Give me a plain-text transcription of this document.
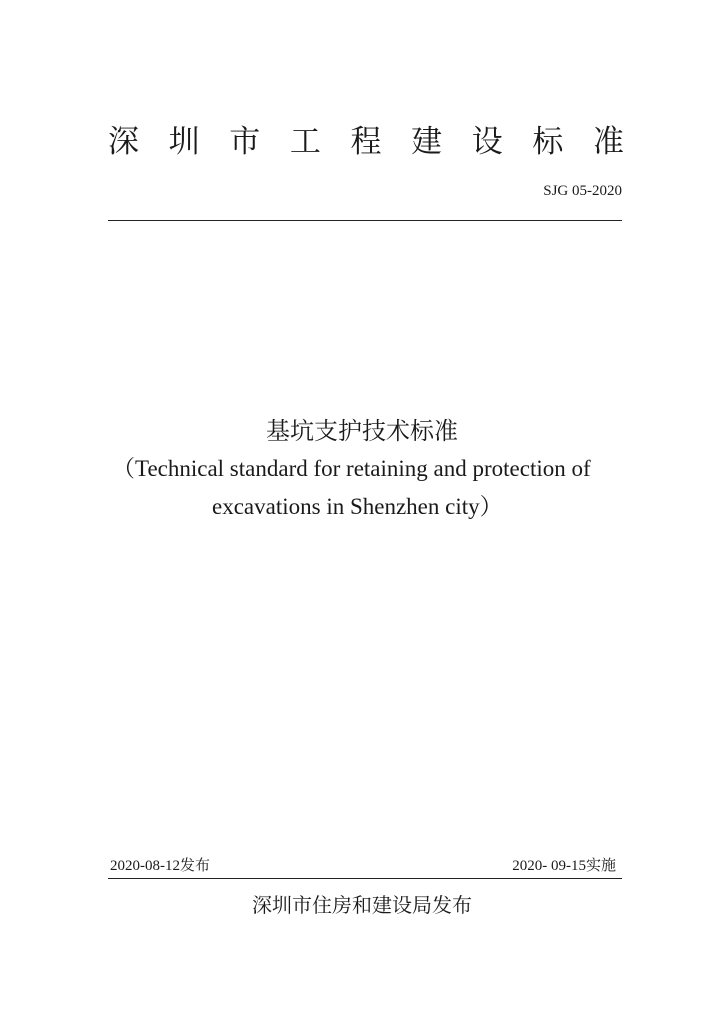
深 圳 市 工 程 建 设 标 准
SJG 05-2020
基坑支护技术标准
（Technical standard for retaining and protection of
excavations in Shenzhen city）
2020-08-12发布	2020- 09-15实施
深圳市住房和建设局发布
